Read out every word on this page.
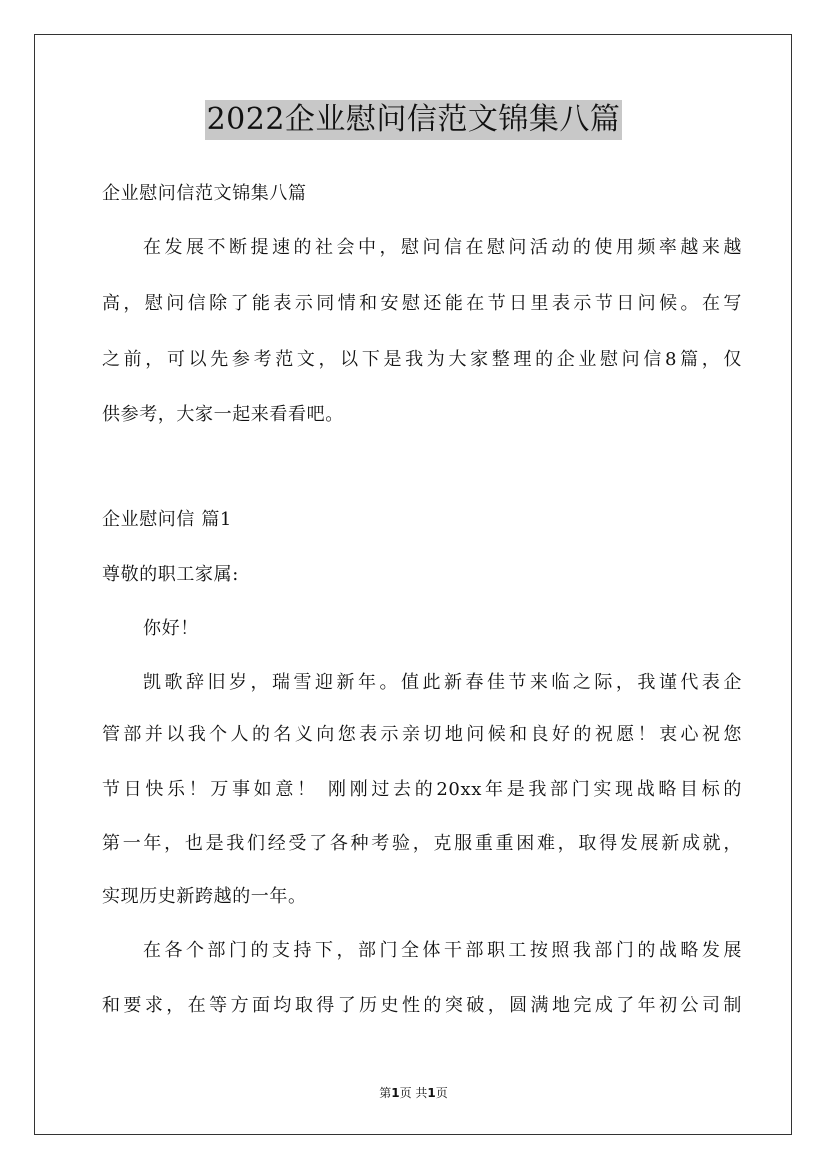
2022企业慰问信范文锦集八篇
企业慰问信范文锦集八篇
在发展不断提速的社会中，慰问信在慰问活动的使用频率越来越
高，慰问信除了能表示同情和安慰还能在节日里表示节日问候。在写
之前，可以先参考范文，以下是我为大家整理的企业慰问信8篇，仅
供参考，大家一起来看看吧。
企业慰问信 篇1
尊敬的职工家属:
你好！
凯歌辞旧岁，瑞雪迎新年。值此新春佳节来临之际，我谨代表企
管部并以我个人的名义向您表示亲切地问候和良好的祝愿！衷心祝您
节日快乐！万事如意！ 刚刚过去的20xx年是我部门实现战略目标的
第一年，也是我们经受了各种考验，克服重重困难，取得发展新成就，
实现历史新跨越的一年。
在各个部门的支持下，部门全体干部职工按照我部门的战略发展
和要求，在等方面均取得了历史性的突破，圆满地完成了年初公司制
第1页 共1页
